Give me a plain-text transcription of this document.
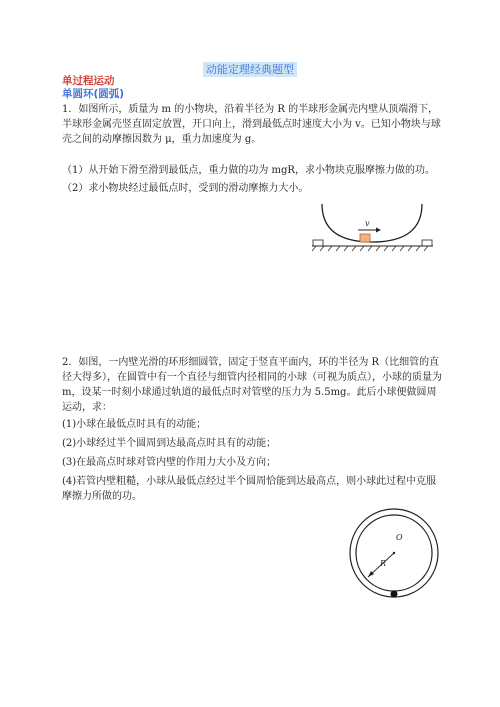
动能定理经典题型
单过程运动
单圆环(圆弧)
1．如图所示，质量为 m 的小物块，沿着半径为 R 的半球形金属壳内壁从顶端滑下，半球形金属壳竖直固定放置，开口向上，滑到最低点时速度大小为 v。已知小物块与球壳之间的动摩擦因数为 μ，重力加速度为 g。
（1）从开始下滑至滑到最低点，重力做的功为 mgR，求小物块克服摩擦力做的功。
（2）求小物块经过最低点时，受到的滑动摩擦力大小。
v
2．如图，一内壁光滑的环形细圆管，固定于竖直平面内，环的半径为 R（比细管的直径大得多），在圆管中有一个直径与细管内径相同的小球（可视为质点），小球的质量为 m，设某一时刻小球通过轨道的最低点时对管壁的压力为 5.5mg。此后小球便做圆周运动，求：
(1)小球在最低点时具有的动能；
(2)小球经过半个圆周到达最高点时具有的动能；
(3)在最高点时球对管内壁的作用力大小及方向；
(4)若管内壁粗糙，小球从最低点经过半个圆周恰能到达最高点，则小球此过程中克服摩擦力所做的功。
O
R
